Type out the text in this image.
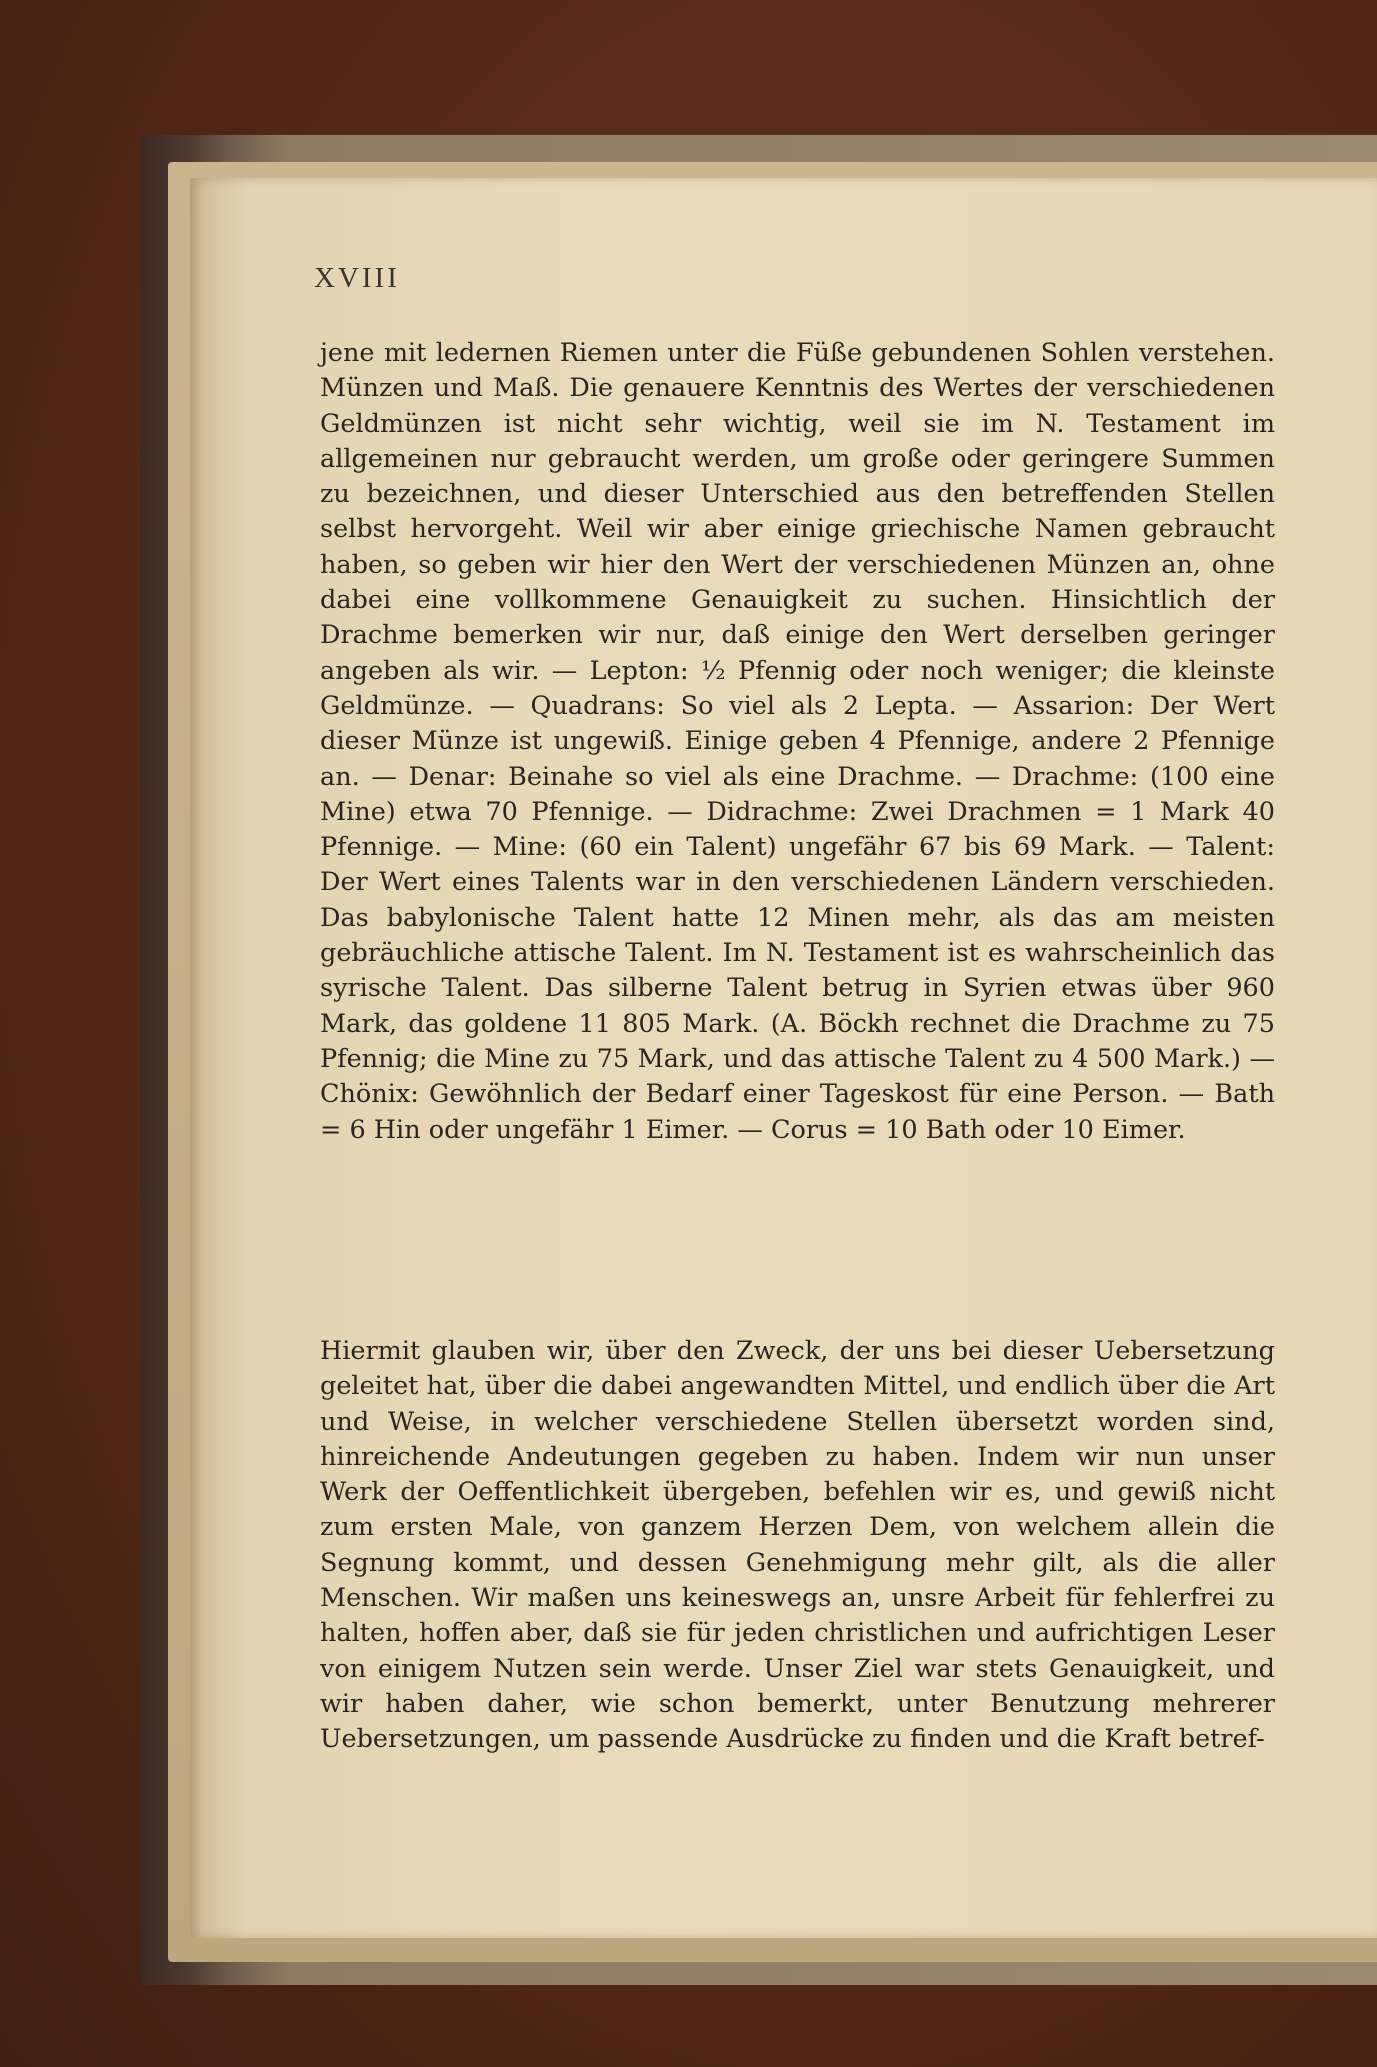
XVIII

jene mit ledernen Riemen unter die Füße gebundenen Sohlen verstehen. Münzen und Maß. Die genauere Kenntnis des Wertes der verschiedenen Geldmünzen ist nicht sehr wichtig, weil sie im N. Testament im allgemeinen nur gebraucht werden, um große oder geringere Summen zu bezeichnen, und dieser Unterschied aus den betreffenden Stellen selbst hervorgeht. Weil wir aber einige griechische Namen gebraucht haben, so geben wir hier den Wert der verschiedenen Münzen an, ohne dabei eine vollkommene Genauigkeit zu suchen. Hinsichtlich der Drachme bemerken wir nur, daß einige den Wert derselben geringer angeben als wir. — Lepton: ½ Pfennig oder noch weniger; die kleinste Geldmünze. — Quadrans: So viel als 2 Lepta. — Assarion: Der Wert dieser Münze ist ungewiß. Einige geben 4 Pfennige, andere 2 Pfennige an. — Denar: Beinahe so viel als eine Drachme. — Drachme: (100 eine Mine) etwa 70 Pfennige. — Didrachme: Zwei Drachmen = 1 Mark 40 Pfennige. — Mine: (60 ein Talent) ungefähr 67 bis 69 Mark. — Talent: Der Wert eines Talents war in den verschiedenen Ländern verschieden. Das babylonische Talent hatte 12 Minen mehr, als das am meisten gebräuchliche attische Talent. Im N. Testament ist es wahrscheinlich das syrische Talent. Das silberne Talent betrug in Syrien etwas über 960 Mark, das goldene 11 805 Mark. (A. Böckh rechnet die Drachme zu 75 Pfennig; die Mine zu 75 Mark, und das attische Talent zu 4 500 Mark.) — Chönix: Gewöhnlich der Bedarf einer Tageskost für eine Person. — Bath = 6 Hin oder ungefähr 1 Eimer. — Corus = 10 Bath oder 10 Eimer.

Hiermit glauben wir, über den Zweck, der uns bei dieser Uebersetzung geleitet hat, über die dabei angewandten Mittel, und endlich über die Art und Weise, in welcher verschiedene Stellen übersetzt worden sind, hinreichende Andeutungen gegeben zu haben. Indem wir nun unser Werk der Oeffentlichkeit übergeben, befehlen wir es, und gewiß nicht zum ersten Male, von ganzem Herzen Dem, von welchem allein die Segnung kommt, und dessen Genehmigung mehr gilt, als die aller Menschen. Wir maßen uns keineswegs an, unsre Arbeit für fehlerfrei zu halten, hoffen aber, daß sie für jeden christlichen und aufrichtigen Leser von einigem Nutzen sein werde. Unser Ziel war stets Genauigkeit, und wir haben daher, wie schon bemerkt, unter Benutzung mehrerer Uebersetzungen, um passende Ausdrücke zu finden und die Kraft betref-
